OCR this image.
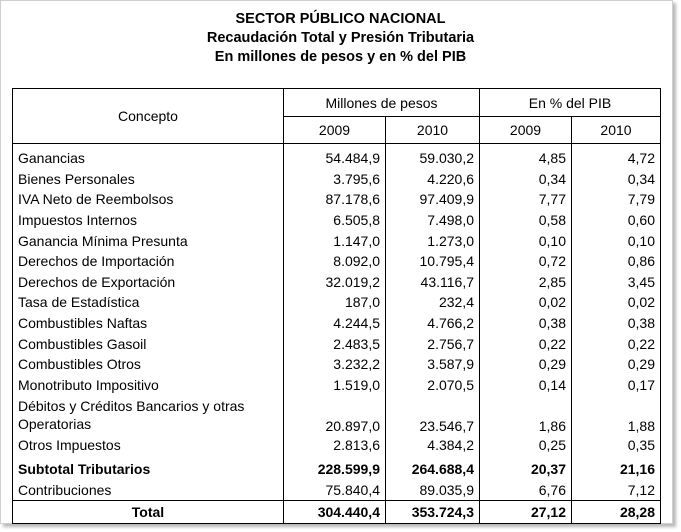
SECTOR PÚBLICO NACIONAL
Recaudación Total y Presión Tributaria
En millones de pesos y en % del PIB
Concepto	Millones de pesos		En % del PIB	
	2009	2010	2009	2010
Ganancias	54.484,9	59.030,2	4,85	4,72
Bienes Personales	3.795,6	4.220,6	0,34	0,34
IVA Neto de Reembolsos	87.178,6	97.409,9	7,77	7,79
Impuestos Internos	6.505,8	7.498,0	0,58	0,60
Ganancia Mínima Presunta	1.147,0	1.273,0	0,10	0,10
Derechos de Importación	8.092,0	10.795,4	0,72	0,86
Derechos de Exportación	32.019,2	43.116,7	2,85	3,45
Tasa de Estadística	187,0	232,4	0,02	0,02
Combustibles Naftas	4.244,5	4.766,2	0,38	0,38
Combustibles Gasoil	2.483,5	2.756,7	0,22	0,22
Combustibles Otros	3.232,2	3.587,9	0,29	0,29
Monotributo Impositivo	1.519,0	2.070,5	0,14	0,17
Débitos y Créditos Bancarios y otras Operatorias	20.897,0	23.546,7	1,86	1,88
Otros Impuestos	2.813,6	4.384,2	0,25	0,35
Subtotal Tributarios	228.599,9	264.688,4	20,37	21,16
Contribuciones	75.840,4	89.035,9	6,76	7,12
Total	304.440,4	353.724,3	27,12	28,28
